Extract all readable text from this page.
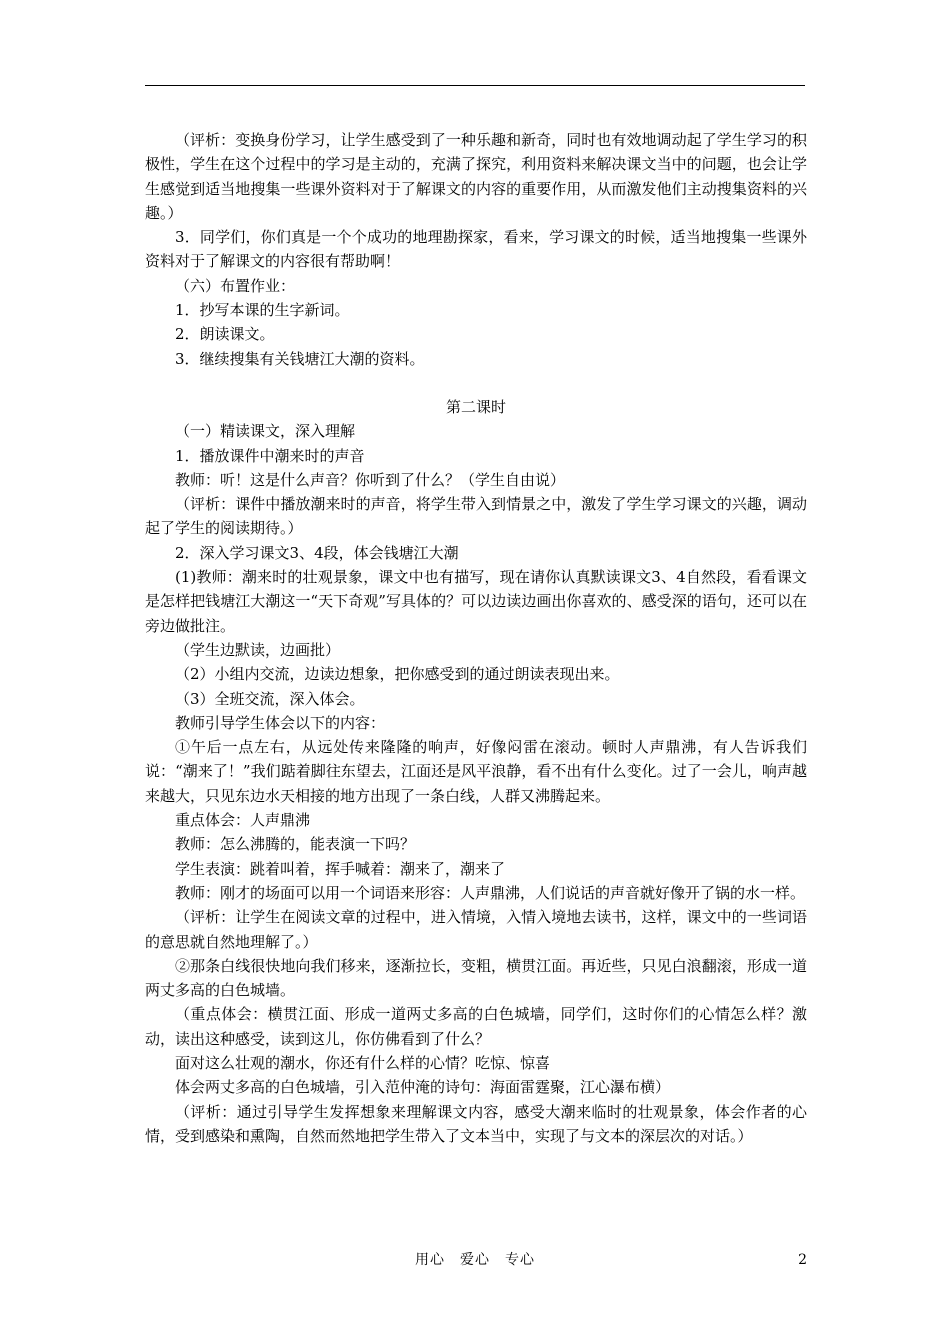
（评析：变换身份学习，让学生感受到了一种乐趣和新奇，同时也有效地调动起了学生学习的积极性，学生在这个过程中的学习是主动的，充满了探究，利用资料来解决课文当中的问题，也会让学生感觉到适当地搜集一些课外资料对于了解课文的内容的重要作用，从而激发他们主动搜集资料的兴趣。）

3．同学们，你们真是一个个成功的地理勘探家，看来，学习课文的时候，适当地搜集一些课外资料对于了解课文的内容很有帮助啊！

（六）布置作业：

1．抄写本课的生字新词。

2．朗读课文。

3．继续搜集有关钱塘江大潮的资料。

第二课时

（一）精读课文，深入理解

1．播放课件中潮来时的声音

教师：听！这是什么声音？你听到了什么？（学生自由说）

（评析：课件中播放潮来时的声音，将学生带入到情景之中，激发了学生学习课文的兴趣，调动起了学生的阅读期待。）

2．深入学习课文3、4段，体会钱塘江大潮

(1)教师：潮来时的壮观景象，课文中也有描写，现在请你认真默读课文3、4自然段，看看课文是怎样把钱塘江大潮这一“天下奇观”写具体的？可以边读边画出你喜欢的、感受深的语句，还可以在旁边做批注。

（学生边默读，边画批）

（2）小组内交流，边读边想象，把你感受到的通过朗读表现出来。

（3）全班交流，深入体会。

教师引导学生体会以下的内容：

①午后一点左右，从远处传来隆隆的响声，好像闷雷在滚动。顿时人声鼎沸，有人告诉我们说：“潮来了！”我们踮着脚往东望去，江面还是风平浪静，看不出有什么变化。过了一会儿，响声越来越大，只见东边水天相接的地方出现了一条白线，人群又沸腾起来。

重点体会：人声鼎沸

教师：怎么沸腾的，能表演一下吗？

学生表演：跳着叫着，挥手喊着：潮来了，潮来了

教师：刚才的场面可以用一个词语来形容：人声鼎沸，人们说话的声音就好像开了锅的水一样。

（评析：让学生在阅读文章的过程中，进入情境，入情入境地去读书，这样，课文中的一些词语的意思就自然地理解了。）

②那条白线很快地向我们移来，逐渐拉长，变粗，横贯江面。再近些，只见白浪翻滚，形成一道两丈多高的白色城墙。

（重点体会：横贯江面、形成一道两丈多高的白色城墙，同学们，这时你们的心情怎么样？激动，读出这种感受，读到这儿，你仿佛看到了什么？

面对这么壮观的潮水，你还有什么样的心情？吃惊、惊喜

体会两丈多高的白色城墙，引入范仲淹的诗句：海面雷霆聚，江心瀑布横）

（评析：通过引导学生发挥想象来理解课文内容，感受大潮来临时的壮观景象，体会作者的心情，受到感染和熏陶，自然而然地把学生带入了文本当中，实现了与文本的深层次的对话。）

用心　爱心　专心	2
